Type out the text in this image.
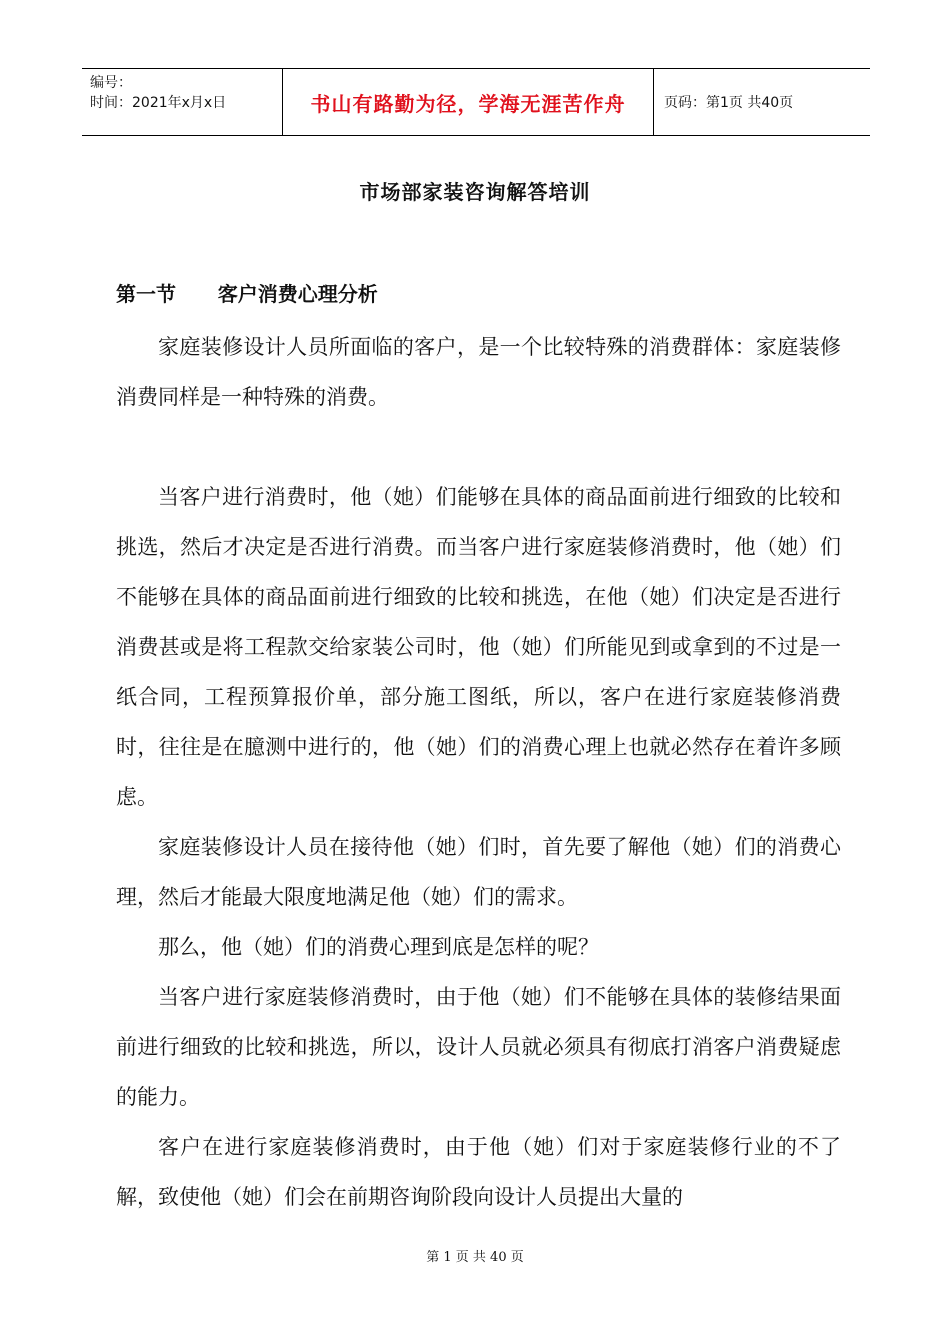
编号：
时间：2021年x月x日	书山有路勤为径，学海无涯苦作舟	页码：第1页 共40页
市场部家装咨询解答培训
第一节      客户消费心理分析

家庭装修设计人员所面临的客户，是一个比较特殊的消费群体：家庭装修消费同样是一种特殊的消费。

当客户进行消费时，他（她）们能够在具体的商品面前进行细致的比较和挑选，然后才决定是否进行消费。而当客户进行家庭装修消费时，他（她）们不能够在具体的商品面前进行细致的比较和挑选，在他（她）们决定是否进行消费甚或是将工程款交给家装公司时，他（她）们所能见到或拿到的不过是一纸合同，工程预算报价单，部分施工图纸，所以，客户在进行家庭装修消费时，往往是在臆测中进行的，他（她）们的消费心理上也就必然存在着许多顾虑。

家庭装修设计人员在接待他（她）们时，首先要了解他（她）们的消费心理，然后才能最大限度地满足他（她）们的需求。

那么，他（她）们的消费心理到底是怎样的呢？

当客户进行家庭装修消费时，由于他（她）们不能够在具体的装修结果面前进行细致的比较和挑选，所以，设计人员就必须具有彻底打消客户消费疑虑的能力。

客户在进行家庭装修消费时，由于他（她）们对于家庭装修行业的不了解，致使他（她）们会在前期咨询阶段向设计人员提出大量的

第 1 页 共 40 页
